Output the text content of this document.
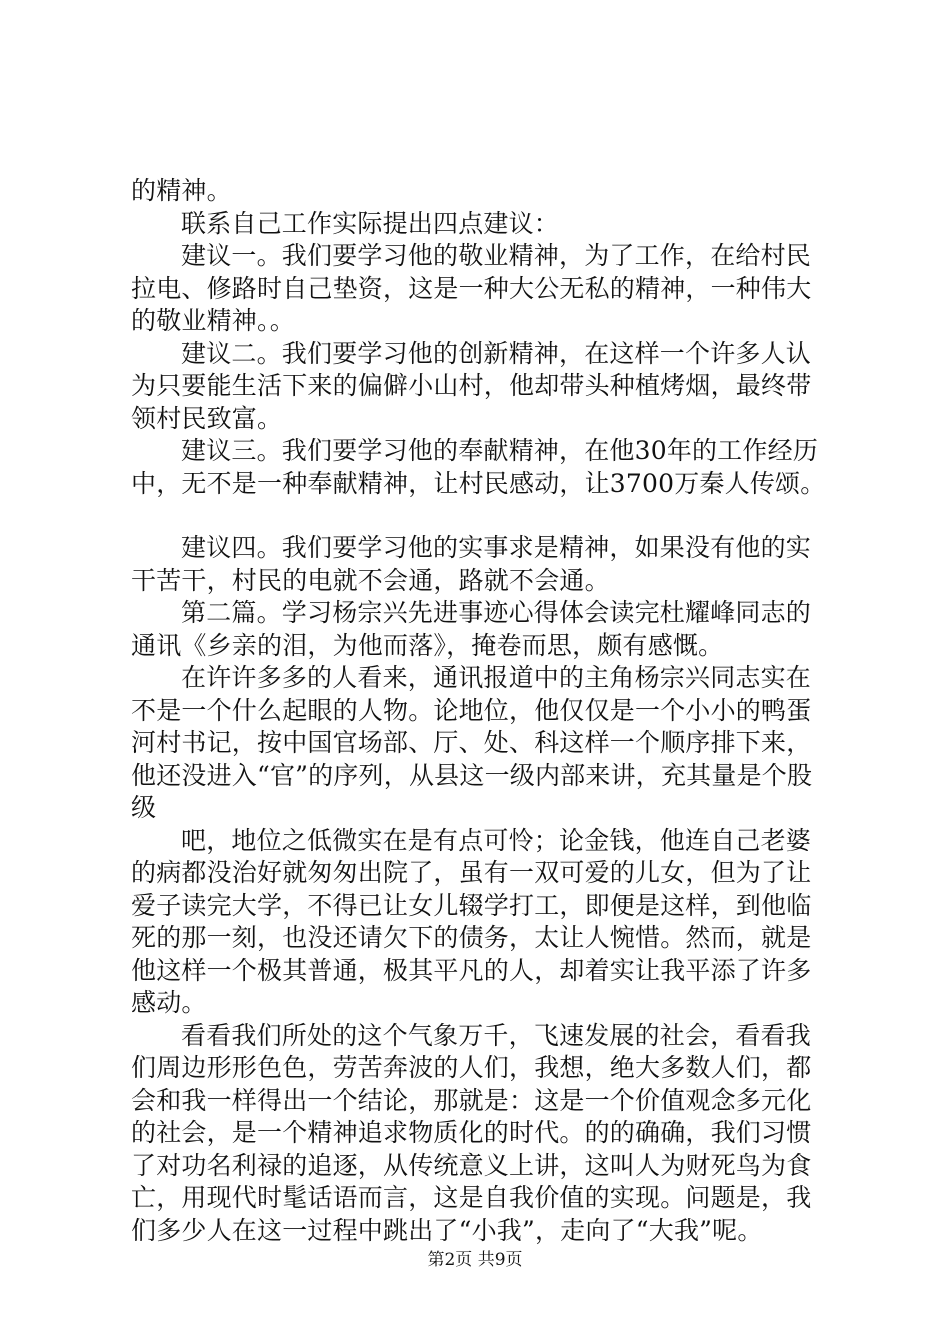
的精神。

联系自己工作实际提出四点建议：

建议一。我们要学习他的敬业精神，为了工作，在给村民拉电、修路时自己垫资，这是一种大公无私的精神，一种伟大的敬业精神。。

建议二。我们要学习他的创新精神，在这样一个许多人认为只要能生活下来的偏僻小山村，他却带头种植烤烟，最终带领村民致富。

建议三。我们要学习他的奉献精神，在他30年的工作经历中，无不是一种奉献精神，让村民感动，让3700万秦人传颂。

建议四。我们要学习他的实事求是精神，如果没有他的实干苦干，村民的电就不会通，路就不会通。

第二篇。学习杨宗兴先进事迹心得体会读完杜耀峰同志的通讯《乡亲的泪，为他而落》，掩卷而思，颇有感慨。

在许许多多的人看来，通讯报道中的主角杨宗兴同志实在不是一个什么起眼的人物。论地位，他仅仅是一个小小的鸭蛋河村书记，按中国官场部、厅、处、科这样一个顺序排下来，他还没进入“官”的序列，从县这一级内部来讲，充其量是个股级

吧，地位之低微实在是有点可怜；论金钱，他连自己老婆的病都没治好就匆匆出院了，虽有一双可爱的儿女，但为了让爱子读完大学，不得已让女儿辍学打工，即便是这样，到他临死的那一刻，也没还请欠下的债务，太让人惋惜。然而，就是他这样一个极其普通，极其平凡的人，却着实让我平添了许多感动。

看看我们所处的这个气象万千，飞速发展的社会，看看我们周边形形色色，劳苦奔波的人们，我想，绝大多数人们，都会和我一样得出一个结论，那就是：这是一个价值观念多元化的社会，是一个精神追求物质化的时代。的的确确，我们习惯了对功名利禄的追逐，从传统意义上讲，这叫人为财死鸟为食亡，用现代时髦话语而言，这是自我价值的实现。问题是，我们多少人在这一过程中跳出了“小我”，走向了“大我”呢。

第2页 共9页
